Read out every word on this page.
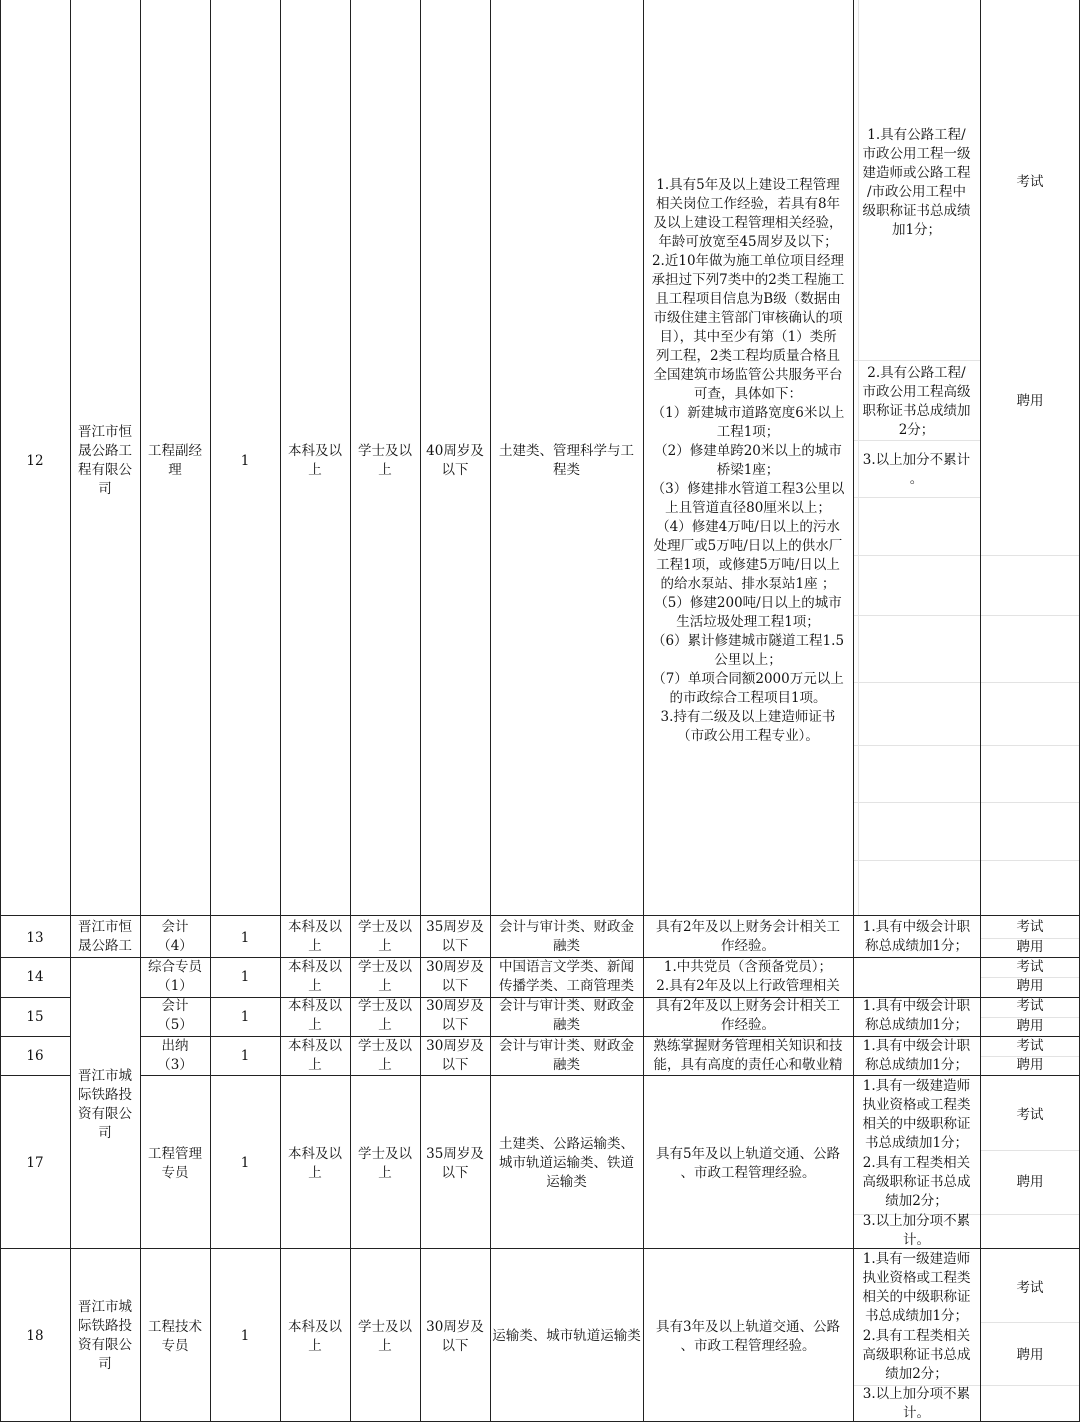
12
晋江市恒
晟公路工
程有限公
司
工程副经
理
1
本科及以
上
学士及以
上
40周岁及
以下
土建类、管理科学与工
程类
1.具有5年及以上建设工程管理
相关岗位工作经验，若具有8年
及以上建设工程管理相关经验，
年龄可放宽至45周岁及以下；
2.近10年做为施工单位项目经理
承担过下列7类中的2类工程施工
且工程项目信息为B级（数据由
市级住建主管部门审核确认的项
目），其中至少有第（1）类所
列工程，2类工程均质量合格且
全国建筑市场监管公共服务平台
可查，具体如下：
（1）新建城市道路宽度6米以上
工程1项；
（2）修建单跨20米以上的城市
桥梁1座；
（3）修建排水管道工程3公里以
上且管道直径80厘米以上；
（4）修建4万吨/日以上的污水
处理厂或5万吨/日以上的供水厂
工程1项，或修建5万吨/日以上
的给水泵站、排水泵站1座 ；
（5）修建200吨/日以上的城市
生活垃圾处理工程1项；
（6）累计修建城市隧道工程1.5
公里以上；
（7）单项合同额2000万元以上
的市政综合工程项目1项。
3.持有二级及以上建造师证书
（市政公用工程专业）。
1.具有公路工程/
市政公用工程一级
建造师或公路工程
/市政公用工程中
级职称证书总成绩
加1分；
2.具有公路工程/
市政公用工程高级
职称证书总成绩加
2分；
3.以上加分不累计
。
考试
聘用
13
晋江市恒
晟公路工
会计
（4）	1
本科及以
上
学士及以
上
35周岁及
以下
会计与审计类、财政金
融类
具有2年及以上财务会计相关工
作经验。
1.具有中级会计职
称总成绩加1分；
考试
聘用
14
综合专员
（1）
1
本科及以
上
学士及以
上
30周岁及
以下
中国语言文学类、新闻
传播学类、工商管理类
1.中共党员（含预备党员）；
2.具有2年及以上行政管理相关
考试
聘用
15
会计
（5）	1
本科及以
上
学士及以
上
30周岁及
以下
会计与审计类、财政金
融类
具有2年及以上财务会计相关工
作经验。
1.具有中级会计职
称总成绩加1分；
考试
聘用
16
出纳
（3）
1
本科及以
上
学士及以
上
30周岁及
以下
会计与审计类、财政金
融类
熟练掌握财务管理相关知识和技
能，具有高度的责任心和敬业精
1.具有中级会计职
称总成绩加1分；
考试
聘用
晋江市城
际铁路投
资有限公
司
17
工程管理
专员
1
本科及以
上
学士及以
上
35周岁及
以下
土建类、公路运输类、
城市轨道运输类、铁道
运输类
具有5年及以上轨道交通、公路
、市政工程管理经验。
1.具有一级建造师
执业资格或工程类
相关的中级职称证
书总成绩加1分；
2.具有工程类相关
高级职称证书总成
绩加2分；
3.以上加分项不累
计。
考试
聘用
18
晋江市城
际铁路投
资有限公
司
工程技术
专员
1
本科及以
上
学士及以
上
30周岁及
以下
运输类、城市轨道运输类
具有3年及以上轨道交通、公路
、市政工程管理经验。
1.具有一级建造师
执业资格或工程类
相关的中级职称证
书总成绩加1分；
2.具有工程类相关
高级职称证书总成
绩加2分；
3.以上加分项不累
计。
考试
聘用
